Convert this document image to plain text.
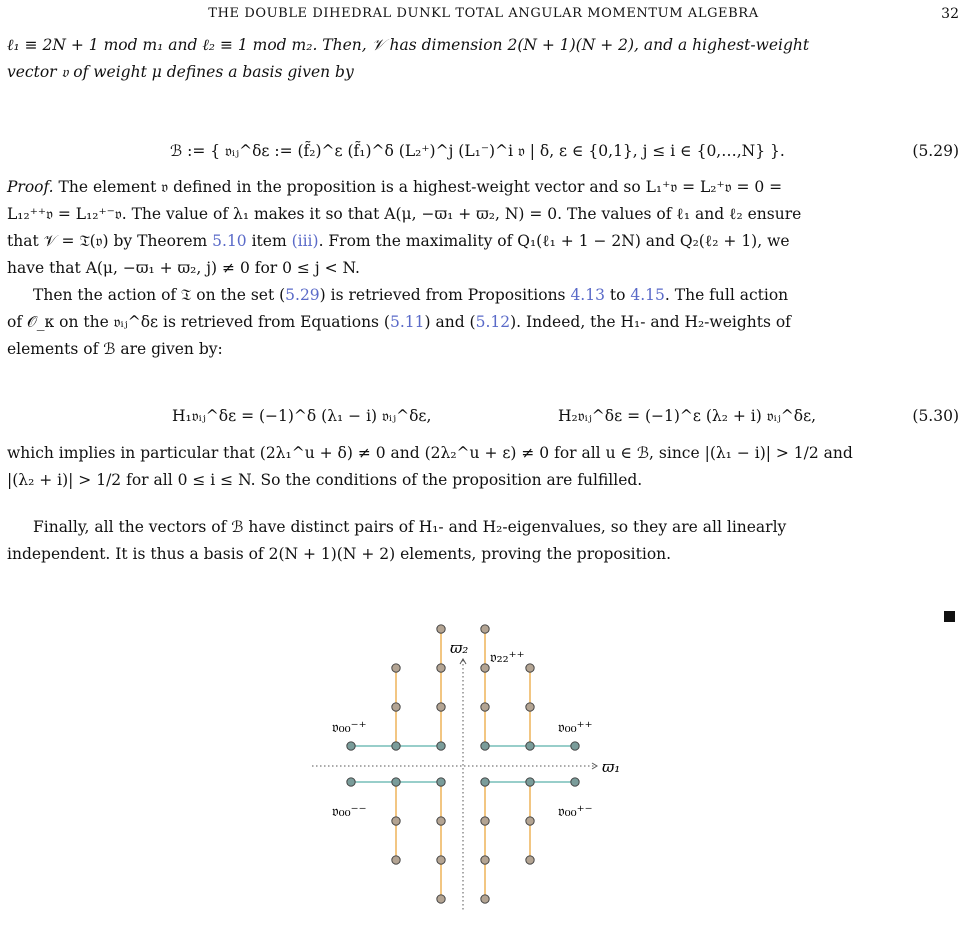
THE DOUBLE DIHEDRAL DUNKL TOTAL ANGULAR MOMENTUM ALGEBRA	32

ℓ₁ ≡ 2N + 1 mod m₁ and ℓ₂ ≡ 1 mod m₂. Then, 𝒱 has dimension 2(N + 1)(N + 2), and a highest-weight

vector 𝔳 of weight μ defines a basis given by

ℬ := { 𝔳ᵢⱼ^δε := (f̃₂)^ε (f̃₁)^δ (L₂⁺)^j (L₁⁻)^i 𝔳 | δ, ε ∈ {0,1}, j ≤ i ∈ {0,…,N} }.	(5.29)

Proof. The element 𝔳 defined in the proposition is a highest-weight vector and so L₁⁺𝔳 = L₂⁺𝔳 = 0 =

L₁₂⁺⁺𝔳 = L₁₂⁺⁻𝔳. The value of λ₁ makes it so that A(μ, −ϖ₁ + ϖ₂, N) = 0. The values of ℓ₁ and ℓ₂ ensure

that 𝒱 = 𝔗̃(𝔳) by Theorem 5.10 item (iii). From the maximality of Q₁(ℓ₁ + 1 − 2N) and Q₂(ℓ₂ + 1), we

have that A(μ, −ϖ₁ + ϖ₂, j) ≠ 0 for 0 ≤ j < N.

Then the action of 𝔗 on the set (5.29) is retrieved from Propositions 4.13 to 4.15. The full action

of 𝒪_κ on the 𝔳ᵢⱼ^δε is retrieved from Equations (5.11) and (5.12). Indeed, the H₁- and H₂-weights of

elements of ℬ are given by:

H₁𝔳ᵢⱼ^δε = (−1)^δ (λ₁ − i) 𝔳ᵢⱼ^δε,	H₂𝔳ᵢⱼ^δε = (−1)^ε (λ₂ + i) 𝔳ᵢⱼ^δε,	(5.30)

which implies in particular that (2λ₁^u + δ) ≠ 0 and (2λ₂^u + ε) ≠ 0 for all u ∈ ℬ, since |(λ₁ − i)| > 1/2 and

|(λ₂ + i)| > 1/2 for all 0 ≤ i ≤ N. So the conditions of the proposition are fulfilled.

Finally, all the vectors of ℬ have distinct pairs of H₁- and H₂-eigenvalues, so they are all linearly

independent. It is thus a basis of 2(N + 1)(N + 2) elements, proving the proposition.

ϖ₁
ϖ₂ 𝔳₂₂⁺⁺
𝔳₀₀⁺⁺
𝔳₀₀⁻⁺
𝔳₀₀⁻⁻	𝔳₀₀⁺⁻
